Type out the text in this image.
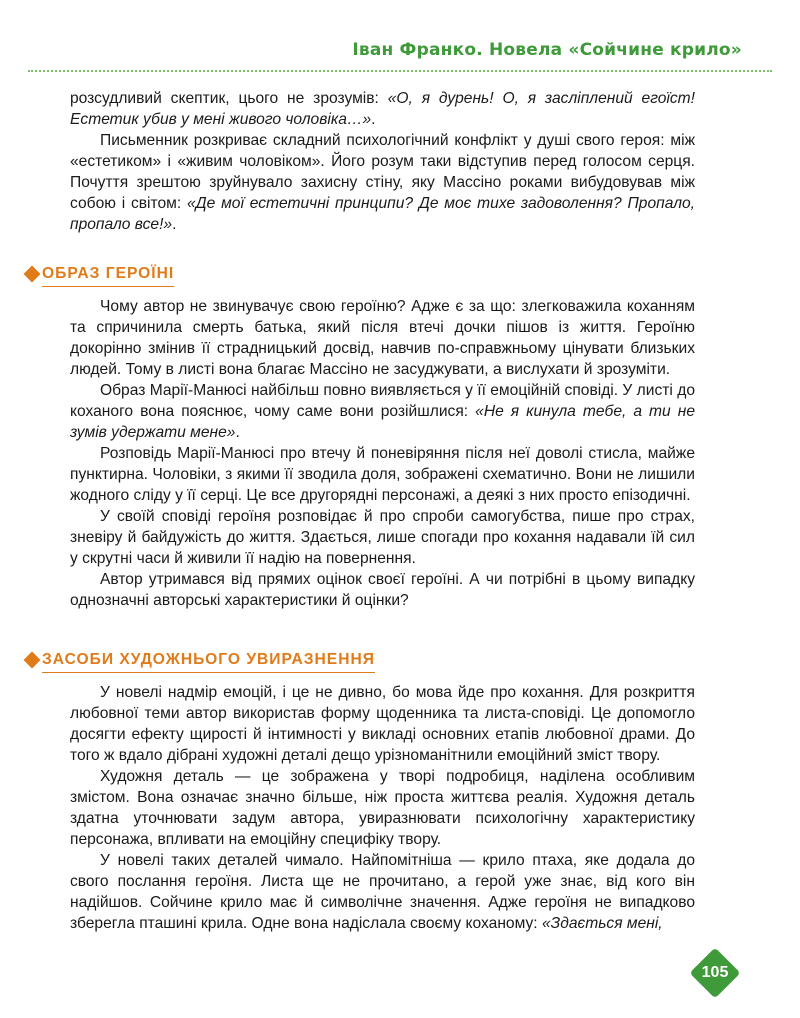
Іван Франко. Новела «Сойчине крило»

розсудливий скептик, цього не зрозумів: «О, я дурень! О, я засліплений егоїст! Естетик убив у мені живого чоловіка…».

Письменник розкриває складний психологічний конфлікт у душі свого героя: між «естетиком» і «живим чоловіком». Його розум таки відступив перед голосом серця. Почуття зрештою зруйнувало захисну стіну, яку Массіно роками вибудовував між собою і світом: «Де мої естетичні принципи? Де моє тихе задоволення? Пропало, пропало все!».

ОБРАЗ ГЕРОЇНІ

Чому автор не звинувачує свою героїню? Адже є за що: злегковажила коханням та спричинила смерть батька, який після втечі дочки пішов із життя. Героїню докорінно змінив її страдницький досвід, навчив по-справжньому цінувати близьких людей. Тому в листі вона благає Массіно не засуджувати, а вислухати й зрозуміти.

Образ Марії-Манюсі найбільш повно виявляється у її емоційній сповіді. У листі до коханого вона пояснює, чому саме вони розійшлися: «Не я кинула тебе, а ти не зумів удержати мене».

Розповідь Марії-Манюсі про втечу й поневіряння після неї доволі стисла, майже пунктирна. Чоловіки, з якими її зводила доля, зображені схематично. Вони не лишили жодного сліду у її серці. Це все другорядні персонажі, а деякі з них просто епізодичні.

У своїй сповіді героїня розповідає й про спроби самогубства, пише про страх, зневіру й байдужість до життя. Здається, лише спогади про кохання надавали їй сил у скрутні часи й живили її надію на повернення.

Автор утримався від прямих оцінок своєї героїні. А чи потрібні в цьому випадку однозначні авторські характеристики й оцінки?

ЗАСОБИ ХУДОЖНЬОГО УВИРАЗНЕННЯ

У новелі надмір емоцій, і це не дивно, бо мова йде про кохання. Для розкриття любовної теми автор використав форму щоденника та листа-сповіді. Це допомогло досягти ефекту щирості й інтимності у викладі основних етапів любовної драми. До того ж вдало дібрані художні деталі дещо урізноманітнили емоційний зміст твору.

Художня деталь — це зображена у творі подробиця, наділена особливим змістом. Вона означає значно більше, ніж проста життєва реалія. Художня деталь здатна уточнювати задум автора, увиразнювати психологічну характеристику персонажа, впливати на емоційну специфіку твору.

У новелі таких деталей чимало. Найпомітніша — крило птаха, яке додала до свого послання героїня. Листа ще не прочитано, а герой уже знає, від кого він надійшов. Сойчине крило має й символічне значення. Адже героїня не випадково зберегла пташині крила. Одне вона надіслала своєму коханому: «Здається мені,

105
